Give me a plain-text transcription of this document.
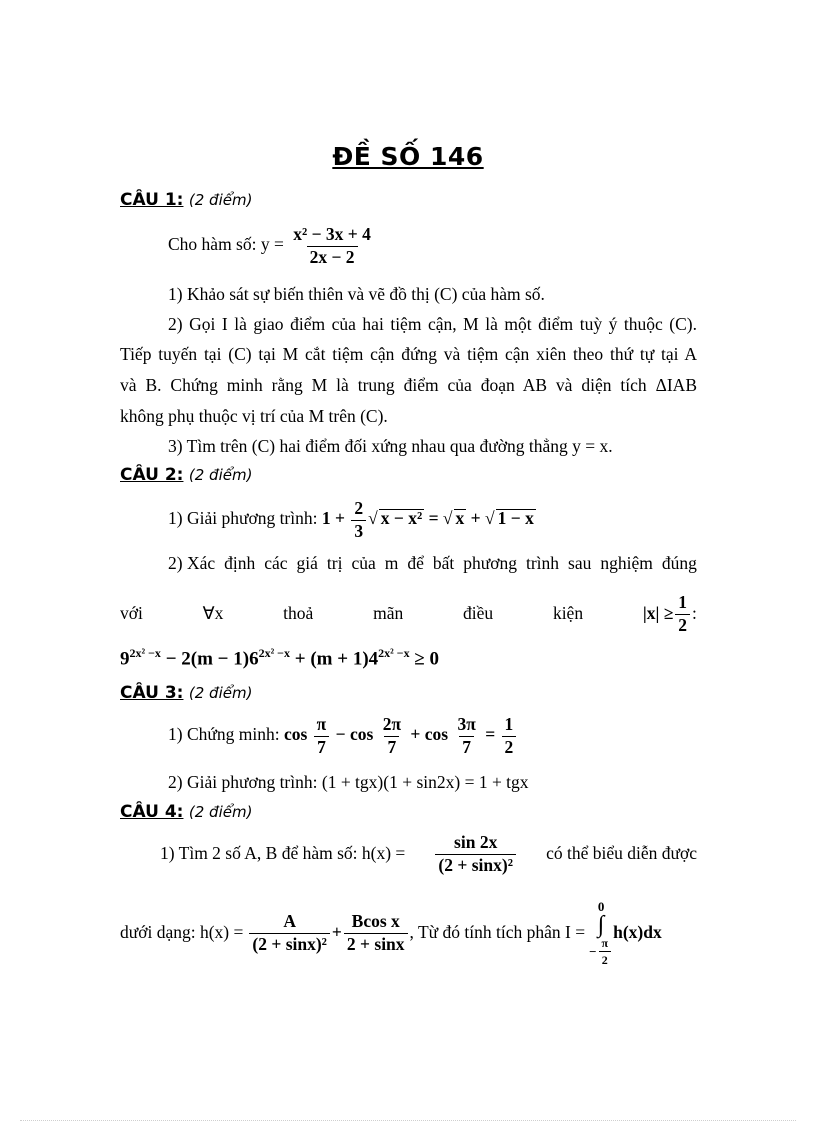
ĐỀ SỐ 146
CÂU 1: (2 điểm)
Cho hàm số: $y = \frac{\text{x² − 3x + 4}}{2x - 2}$
1) Khảo sát sự biến thiên và vẽ đồ thị (C) của hàm số.
2) Gọi I là giao điểm của hai tiệm cận, M là một điểm tuỳ ý thuộc (C).
Tiếp tuyến tại (C) tại M cắt tiệm cận đứng và tiệm cận xiên theo thứ tự tại A
và B. Chứng minh rằng M là trung điểm của đoạn AB và diện tích ΔIAB
không phụ thuộc vị trí của M trên (C).
3) Tìm trên (C) hai điểm đối xứng nhau qua đường thẳng y = x.
CÂU 2: (2 điểm)
1) Giải phương trình: $1 + \frac{2}{3}$ √ x − x² = √ x + √ 1 − x
2) Xác định các giá trị của m để bất phương trình sau nghiệm đúng
với	∀x	thoả	mãn	điều	kiện	$|x| \ge \frac{1}{2}$ :
$9^{2x^2 -x} - 2(m - 1)6^{2x^2 -x} + (m + 1)4^{2x^2 -x} \ge 0$
CÂU 3: (2 điểm)
1) Chứng minh: $\cos \frac{\pi}{7} - \cos \frac{2\pi}{7} + \cos \frac{3\pi}{7} = \frac{1}{2}$
2) Giải phương trình: (1 + tgx)(1 + sin2x) = 1 + tgx
CÂU 4: (2 điểm)
1) Tìm 2 số A, B để hàm số: $h(x) = \frac{\sin 2x}{\text{(2 + sinx)²}}$ có thể biểu diễn được
dưới dạng: $h(x) = \frac{A}{\text{(2 + sinx)²}} + \frac{\text{Bcos x}}{2 + \sin x}$ , Từ đó tính tích phân I =
0
∫
− $\frac{\pi}{2}$
h(x)dx
